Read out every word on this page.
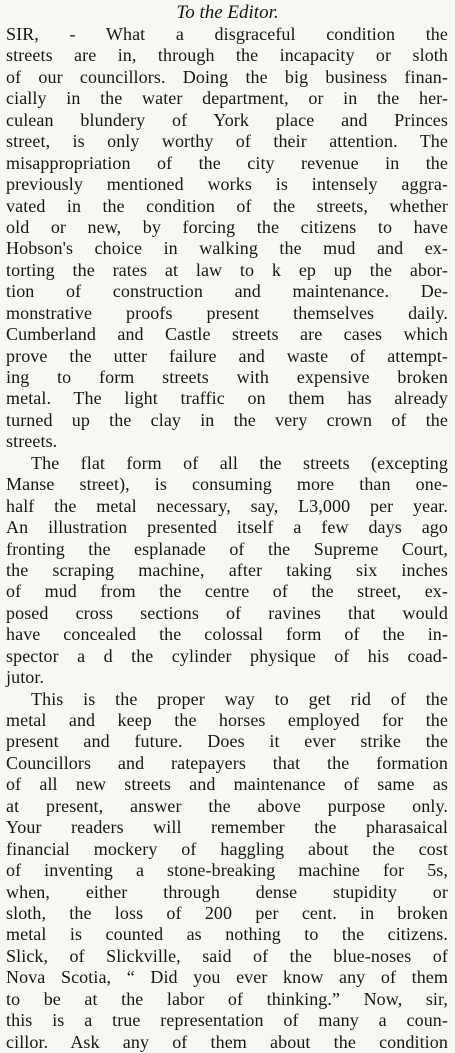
To the Editor.
SIR, - What a disgraceful condition the
streets are in, through the incapacity or sloth
of our councillors. Doing the big business finan-
cially in the water department, or in the her-
culean blundery of York place and Princes
street, is only worthy of their attention. The
misappropriation of the city revenue in the
previously mentioned works is intensely aggra-
vated in the condition of the streets, whether
old or new, by forcing the citizens to have
Hobson's choice in walking the mud and ex-
torting the rates at law to k ep up the abor-
tion of construction and maintenance. De-
monstrative proofs present themselves daily.
Cumberland and Castle streets are cases which
prove the utter failure and waste of attempt-
ing to form streets with expensive broken
metal. The light traffic on them has already
turned up the clay in the very crown of the
streets.
The flat form of all the streets (excepting
Manse street), is consuming more than one-
half the metal necessary, say, L3,000 per year.
An illustration presented itself a few days ago
fronting the esplanade of the Supreme Court,
the scraping machine, after taking six inches
of mud from the centre of the street, ex-
posed cross sections of ravines that would
have concealed the colossal form of the in-
spector a d the cylinder physique of his coad-
jutor.
This is the proper way to get rid of the
metal and keep the horses employed for the
present and future. Does it ever strike the
Councillors and ratepayers that the formation
of all new streets and maintenance of same as
at present, answer the above purpose only.
Your readers will remember the pharasaical
financial mockery of haggling about the cost
of inventing a stone-breaking machine for 5s,
when, either through dense stupidity or
sloth, the loss of 200 per cent. in broken
metal is counted as nothing to the citizens.
Slick, of Slickville, said of the blue-noses of
Nova Scotia, “ Did you ever know any of them
to be at the labor of thinking.” Now, sir,
this is a true representation of many a coun-
cillor. Ask any of them about the condition
